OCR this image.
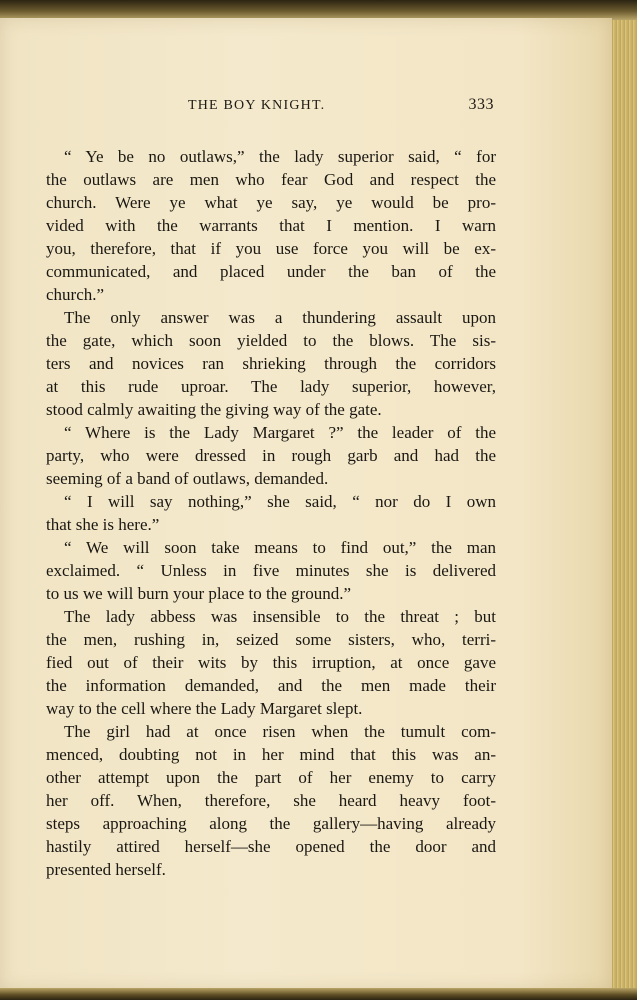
THE BOY KNIGHT.	333

“ Ye be no outlaws,” the lady superior said, “ for
the outlaws are men who fear God and respect the
church. Were ye what ye say, ye would be pro-
vided with the warrants that I mention. I warn
you, therefore, that if you use force you will be ex-
communicated, and placed under the ban of the
church.”

The only answer was a thundering assault upon
the gate, which soon yielded to the blows. The sis-
ters and novices ran shrieking through the corridors
at this rude uproar. The lady superior, however,
stood calmly awaiting the giving way of the gate.

“ Where is the Lady Margaret ?” the leader of the
party, who were dressed in rough garb and had the
seeming of a band of outlaws, demanded.

“ I will say nothing,” she said, “ nor do I own
that she is here.”

“ We will soon take means to find out,” the man
exclaimed. “ Unless in five minutes she is delivered
to us we will burn your place to the ground.”

The lady abbess was insensible to the threat ; but
the men, rushing in, seized some sisters, who, terri-
fied out of their wits by this irruption, at once gave
the information demanded, and the men made their
way to the cell where the Lady Margaret slept.

The girl had at once risen when the tumult com-
menced, doubting not in her mind that this was an-
other attempt upon the part of her enemy to carry
her off. When, therefore, she heard heavy foot-
steps approaching along the gallery—having already
hastily attired herself—she opened the door and
presented herself.
